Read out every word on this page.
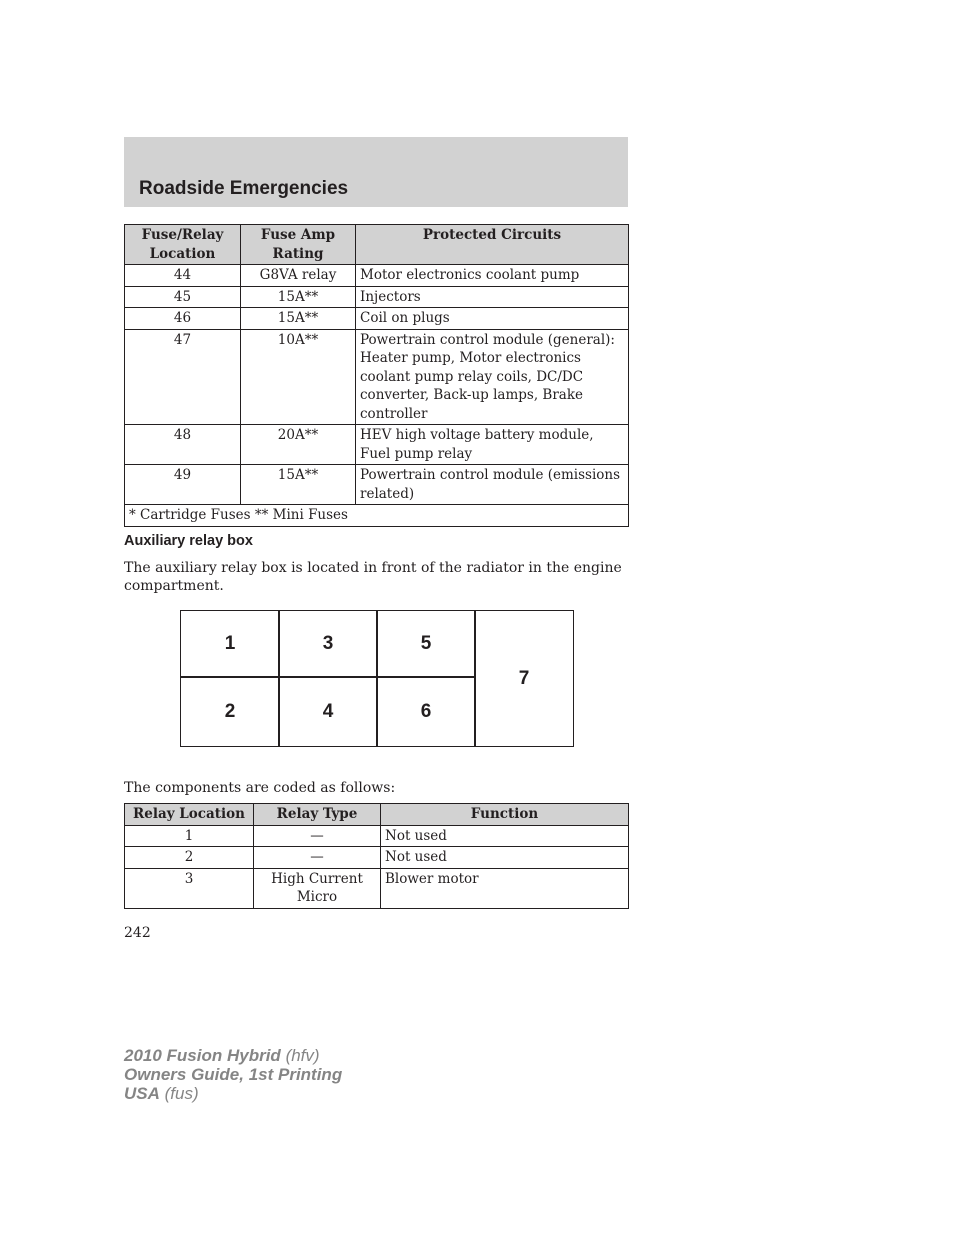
Roadside Emergencies
Fuse/Relay Location	Fuse Amp Rating	Protected Circuits
44	G8VA relay	Motor electronics coolant pump
45	15A**	Injectors
46	15A**	Coil on plugs
47	10A**	Powertrain control module (general): Heater pump, Motor electronics coolant pump relay coils, DC/DC converter, Back-up lamps, Brake controller
48	20A**	HEV high voltage battery module, Fuel pump relay
49	15A**	Powertrain control module (emissions related)
* Cartridge Fuses ** Mini Fuses		
Auxiliary relay box

The auxiliary relay box is located in front of the radiator in the engine compartment.

1
2
3
4
5
6
7

The components are coded as follows:

Relay Location	Relay Type	Function
1	—	Not used
2	—	Not used
3	High Current Micro	Blower motor

242

2010 Fusion Hybrid (hfv)
Owners Guide, 1st Printing
USA (fus)
